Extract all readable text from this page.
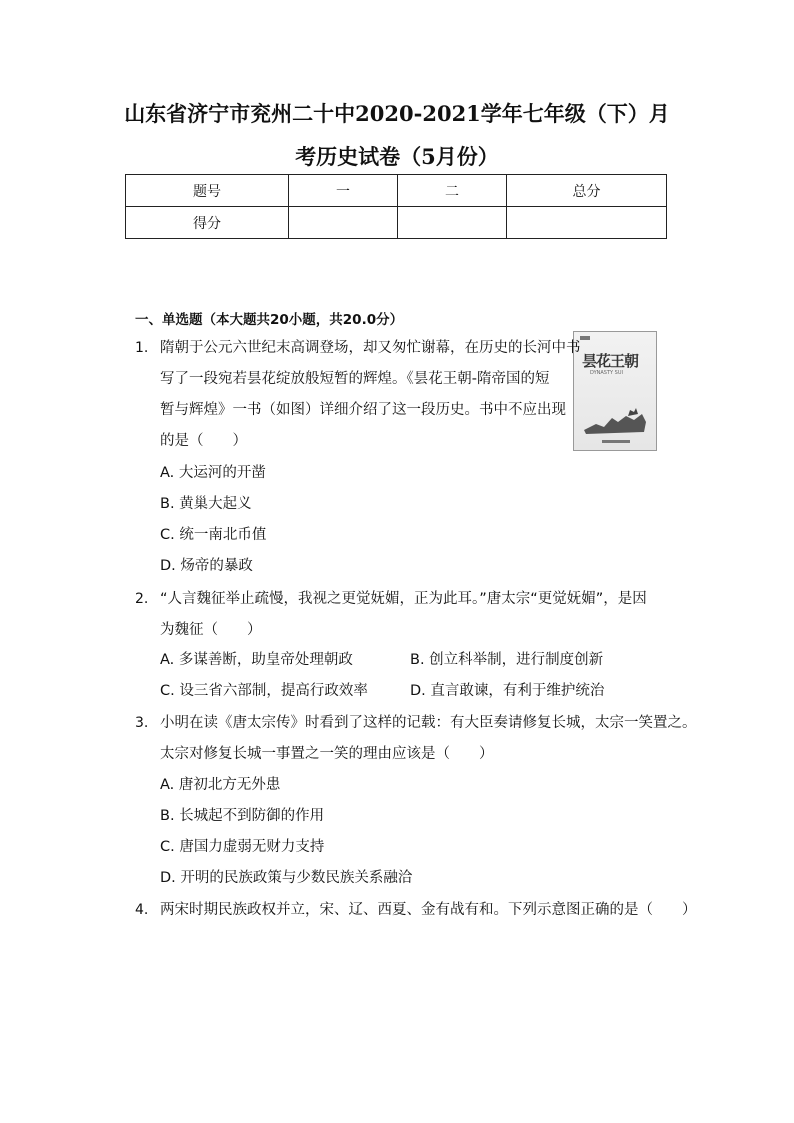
山东省济宁市兖州二十中2020-2021学年七年级（下）月
考历史试卷（5月份）
题号	一	二	总分
得分			
一、单选题（本大题共20小题，共20.0分）
昙花王朝
DYNASTY SUI
1. 隋朝于公元六世纪末高调登场，却又匆忙谢幕，在历史的长河中书
写了一段宛若昙花绽放般短暂的辉煌。《昙花王朝-隋帝国的短
暂与辉煌》一书（如图）详细介绍了这一段历史。书中不应出现
的是（　　）
A. 大运河的开凿
B. 黄巢大起义
C. 统一南北币值
D. 炀帝的暴政
2. “人言魏征举止疏慢，我视之更觉妩媚，正为此耳。”唐太宗“更觉妩媚”，是因
为魏征（　　）
A. 多谋善断，助皇帝处理朝政	B. 创立科举制，进行制度创新
C. 设三省六部制，提高行政效率	D. 直言敢谏，有利于维护统治
3. 小明在读《唐太宗传》时看到了这样的记载：有大臣奏请修复长城，太宗一笑置之。
太宗对修复长城一事置之一笑的理由应该是（　　）
A. 唐初北方无外患
B. 长城起不到防御的作用
C. 唐国力虚弱无财力支持
D. 开明的民族政策与少数民族关系融洽
4. 两宋时期民族政权并立，宋、辽、西夏、金有战有和。下列示意图正确的是（　　）
